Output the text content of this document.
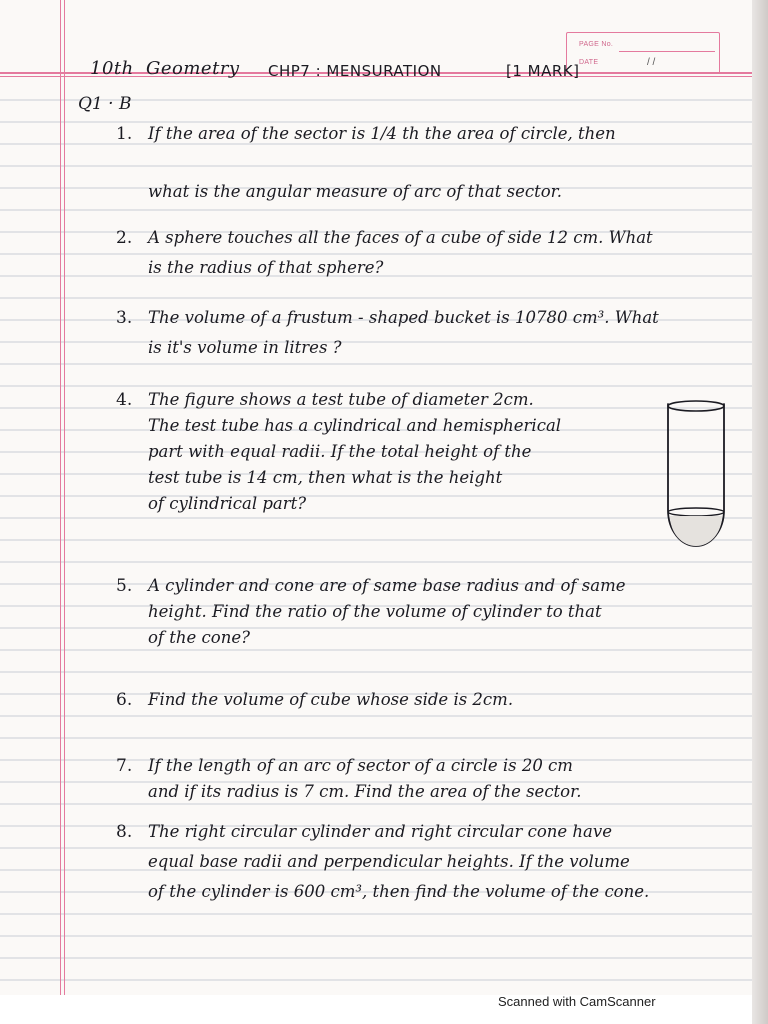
PAGE No.
DATE	/ /
10th Geometry CHP7 : MENSURATION	[1 MARK]
Q1 · B
1. If the area of the sector is 1/4 th the area of circle, then
what is the angular measure of arc of that sector.
2. A sphere touches all the faces of a cube of side 12 cm. What
is the radius of that sphere?
3. The volume of a frustum - shaped bucket is 10780 cm³. What
is it's volume in litres ?
4. The figure shows a test tube of diameter 2cm.
The test tube has a cylindrical and hemispherical
part with equal radii. If the total height of the
test tube is 14 cm, then what is the height
of cylindrical part?
5. A cylinder and cone are of same base radius and of same
height. Find the ratio of the volume of cylinder to that
of the cone?
6. Find the volume of cube whose side is 2cm.
7. If the length of an arc of sector of a circle is 20 cm
and if its radius is 7 cm. Find the area of the sector.
8. The right circular cylinder and right circular cone have
equal base radii and perpendicular heights. If the volume
of the cylinder is 600 cm³, then find the volume of the cone.
Scanned with CamScanner
